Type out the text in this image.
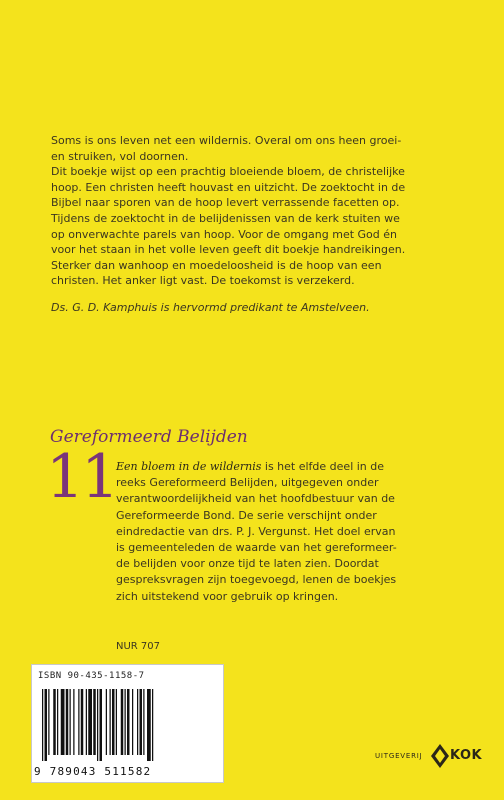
Soms is ons leven net een wildernis. Overal om ons heen groei-

en struiken, vol doornen.

Dit boekje wijst op een prachtig bloeiende bloem, de christelijke

hoop. Een christen heeft houvast en uitzicht. De zoektocht in de

Bijbel naar sporen van de hoop levert verrassende facetten op.

Tijdens de zoektocht in de belijdenissen van de kerk stuiten we

op onverwachte parels van hoop. Voor de omgang met God én

voor het staan in het volle leven geeft dit boekje handreikingen.

Sterker dan wanhoop en moedeloosheid is de hoop van een

christen. Het anker ligt vast. De toekomst is verzekerd.

Ds. G. D. Kamphuis is hervormd predikant te Amstelveen.
Gereformeerd Belijden
11 Een bloem in de wildernis is het elfde deel in de

reeks Gereformeerd Belijden, uitgegeven onder

verantwoordelijkheid van het hoofdbestuur van de

Gereformeerde Bond. De serie verschijnt onder

eindredactie van drs. P. J. Vergunst. Het doel ervan

is gemeenteleden de waarde van het gereformeer-

de belijden voor onze tijd te laten zien. Doordat

gespreksvragen zijn toegevoegd, lenen de boekjes

zich uitstekend voor gebruik op kringen.

NUR 707
ISBN 90-435-1158-7
9 789043 511582
UITGEVERIJ KOK
